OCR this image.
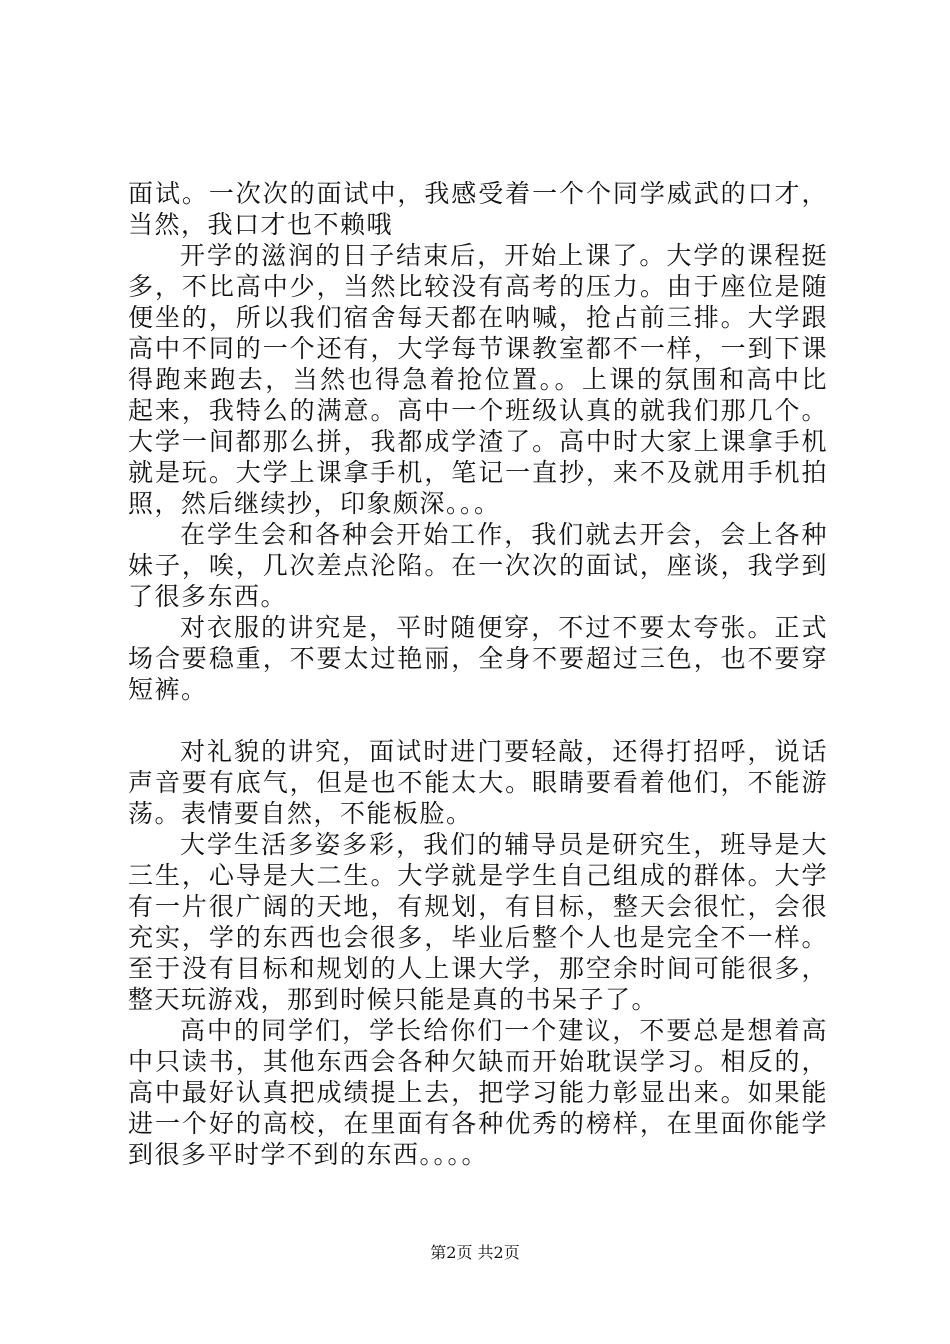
面试。一次次的面试中，我感受着一个个同学威武的口才，当然，我口才也不赖哦

开学的滋润的日子结束后，开始上课了。大学的课程挺多，不比高中少，当然比较没有高考的压力。由于座位是随便坐的，所以我们宿舍每天都在呐喊，抢占前三排。大学跟高中不同的一个还有，大学每节课教室都不一样，一到下课得跑来跑去，当然也得急着抢位置。。上课的氛围和高中比起来，我特么的满意。高中一个班级认真的就我们那几个。大学一间都那么拼，我都成学渣了。高中时大家上课拿手机就是玩。大学上课拿手机，笔记一直抄，来不及就用手机拍照，然后继续抄，印象颇深。。。

在学生会和各种会开始工作，我们就去开会，会上各种妹子，唉，几次差点沦陷。在一次次的面试，座谈，我学到了很多东西。

对衣服的讲究是，平时随便穿，不过不要太夸张。正式场合要稳重，不要太过艳丽，全身不要超过三色，也不要穿短裤。

对礼貌的讲究，面试时进门要轻敲，还得打招呼，说话声音要有底气，但是也不能太大。眼睛要看着他们，不能游荡。表情要自然，不能板脸。

大学生活多姿多彩，我们的辅导员是研究生，班导是大三生，心导是大二生。大学就是学生自己组成的群体。大学有一片很广阔的天地，有规划，有目标，整天会很忙，会很充实，学的东西也会很多，毕业后整个人也是完全不一样。至于没有目标和规划的人上课大学，那空余时间可能很多，整天玩游戏，那到时候只能是真的书呆子了。

高中的同学们，学长给你们一个建议，不要总是想着高中只读书，其他东西会各种欠缺而开始耽误学习。相反的，高中最好认真把成绩提上去，把学习能力彰显出来。如果能进一个好的高校，在里面有各种优秀的榜样，在里面你能学到很多平时学不到的东西。。。。

第2页 共2页
